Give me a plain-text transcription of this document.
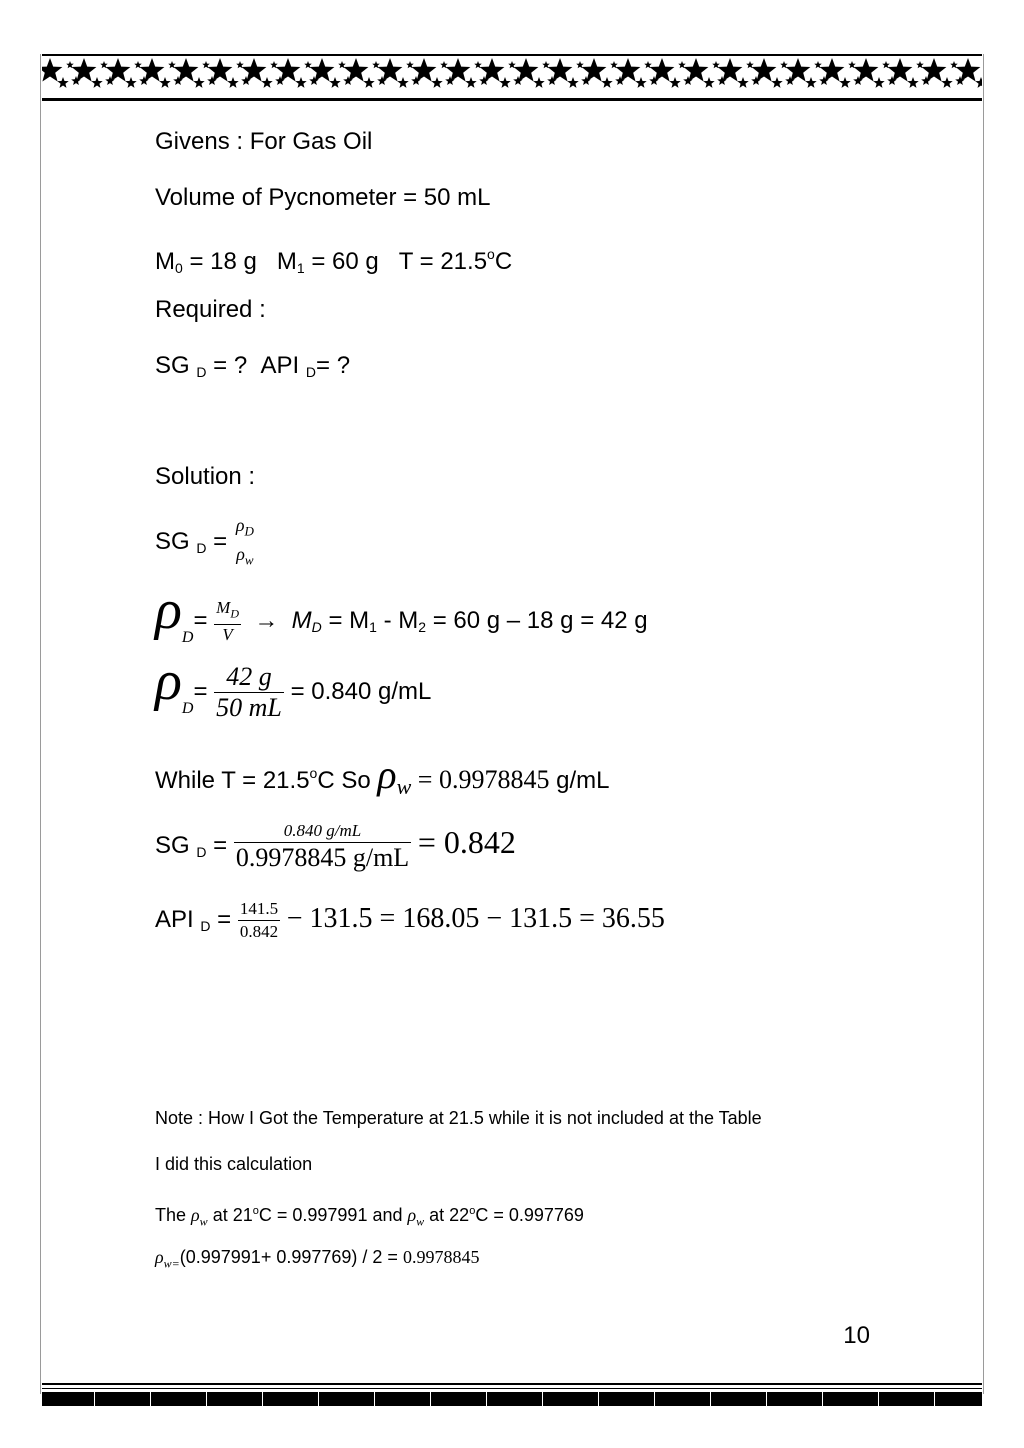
Givens : For Gas Oil
Volume of Pycnometer = 50 mL
$M_0 = 18$ g $M_1 = 60$ g $T = 21.5^oC$
Required :
SG $_D$ = ? API $_D$= ?
Solution :
SG $_D$ =
$\rho_D$
$\rho_w$
$\rho_D= \frac{M_D}{V} \to M_D = M_1 - M_2 = 60$ g – 18 g = 42 g
$\rho_D= \frac{42 g}{50 mL} = 0.840$ g/mL
While $T = 21.5^oC$ So $\rho_w = 0.9978845$ g/mL
SG $_D = \frac{0.840 g/mL}{0.9978845 g/mL} = 0.842$
API $_D = \frac{141.5}{0.842} - 131.5 = 168.05 - 131.5 = 36.55$
Note : How I Got the Temperature at 21.5 while it is not included at the Table
I did this calculation
The $\rho_w$ at $21^oC = 0.997991$ and $\rho_w$ at $22^oC = 0.997769$
$\rho_{w=}(0.997991+ 0.997769) / 2 = 0.9978845$
10
